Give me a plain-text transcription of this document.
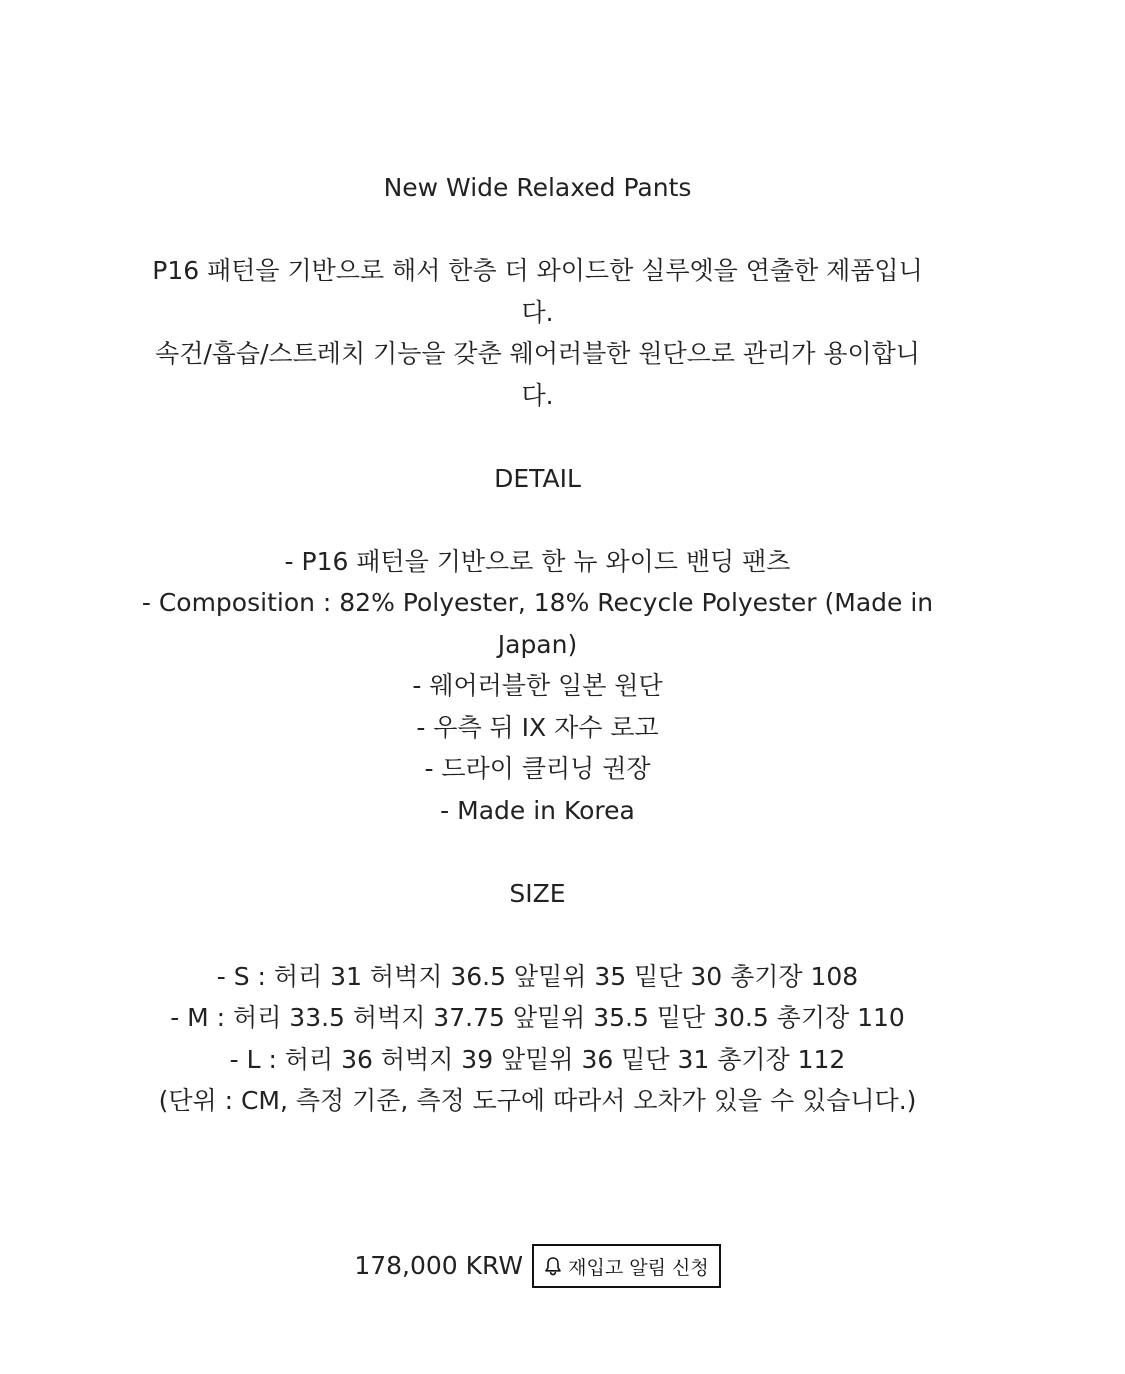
New Wide Relaxed Pants

P16 패턴을 기반으로 해서 한층 더 와이드한 실루엣을 연출한 제품입니다.

속건/흡습/스트레치 기능을 갖춘 웨어러블한 원단으로 관리가 용이합니다.

DETAIL

- P16 패턴을 기반으로 한 뉴 와이드 밴딩 팬츠

- Composition : 82% Polyester, 18% Recycle Polyester (Made in Japan)

- 웨어러블한 일본 원단

- 우측 뒤 IX 자수 로고

- 드라이 클리닝 권장

- Made in Korea

SIZE

- S : 허리 31 허벅지 36.5 앞밑위 35 밑단 30 총기장 108

- M : 허리 33.5 허벅지 37.75 앞밑위 35.5 밑단 30.5 총기장 110

- L : 허리 36 허벅지 39 앞밑위 36 밑단 31 총기장 112

(단위 : CM, 측정 기준, 측정 도구에 따라서 오차가 있을 수 있습니다.)

178,000 KRW 재입고 알림 신청
